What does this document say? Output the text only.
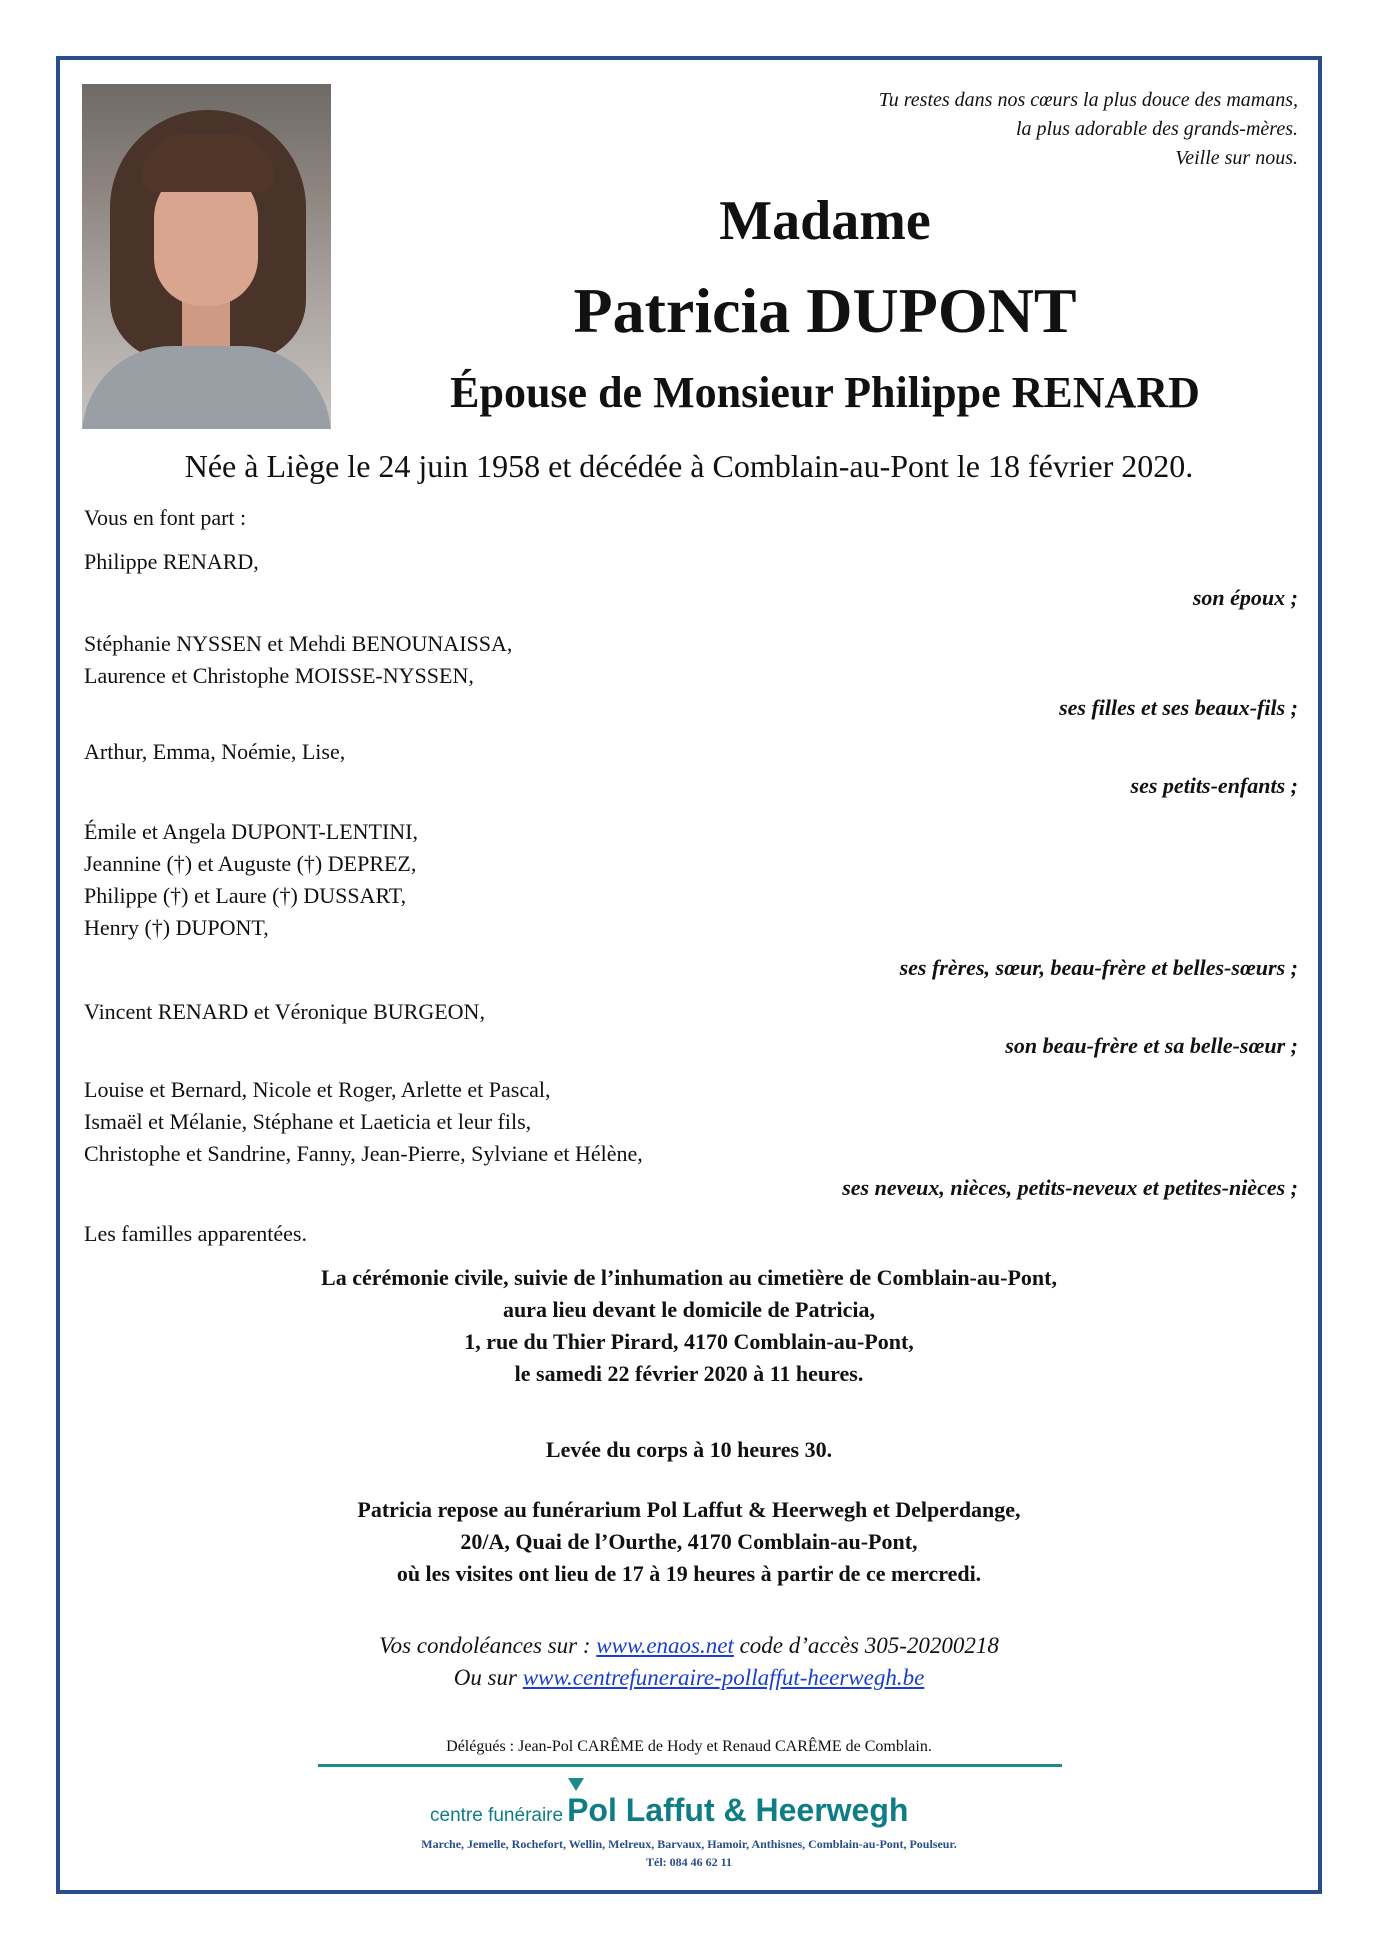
Tu restes dans nos cœurs la plus douce des mamans,
la plus adorable des grands-mères.
Veille sur nous.
Madame
Patricia DUPONT
Épouse de Monsieur Philippe RENARD
Née à Liège le 24 juin 1958 et décédée à Comblain-au-Pont le 18 février 2020.
Vous en font part :
Philippe RENARD,
son époux ;
Stéphanie NYSSEN et Mehdi BENOUNAISSA,
Laurence et Christophe MOISSE-NYSSEN,
ses filles et ses beaux-fils ;
Arthur, Emma, Noémie, Lise,
ses petits-enfants ;
Émile et Angela DUPONT-LENTINI,
Jeannine (†) et Auguste (†) DEPREZ,
Philippe (†) et Laure (†) DUSSART,
Henry (†) DUPONT,
ses frères, sœur, beau-frère et belles-sœurs ;
Vincent RENARD et Véronique BURGEON,
son beau-frère et sa belle-sœur ;
Louise et Bernard, Nicole et Roger, Arlette et Pascal,
Ismaël et Mélanie, Stéphane et Laeticia et leur fils,
Christophe et Sandrine, Fanny, Jean-Pierre, Sylviane et Hélène,
ses neveux, nièces, petits-neveux et petites-nièces ;
Les familles apparentées.
La cérémonie civile, suivie de l’inhumation au cimetière de Comblain-au-Pont,
aura lieu devant le domicile de Patricia,
1, rue du Thier Pirard, 4170 Comblain-au-Pont,
le samedi 22 février 2020 à 11 heures.
Levée du corps à 10 heures 30.
Patricia repose au funérarium Pol Laffut & Heerwegh et Delperdange,
20/A, Quai de l’Ourthe, 4170 Comblain-au-Pont,
où les visites ont lieu de 17 à 19 heures à partir de ce mercredi.
Vos condoléances sur : www.enaos.net code d’accès 305-20200218
Ou sur www.centrefuneraire-pollaffut-heerwegh.be
Délégués : Jean-Pol CARÊME de Hody et Renaud CARÊME de Comblain.
centre funéraire Pol Laffut & Heerwegh
Marche, Jemelle, Rochefort, Wellin, Melreux, Barvaux, Hamoir, Anthisnes, Comblain-au-Pont, Poulseur.
Tél: 084 46 62 11
